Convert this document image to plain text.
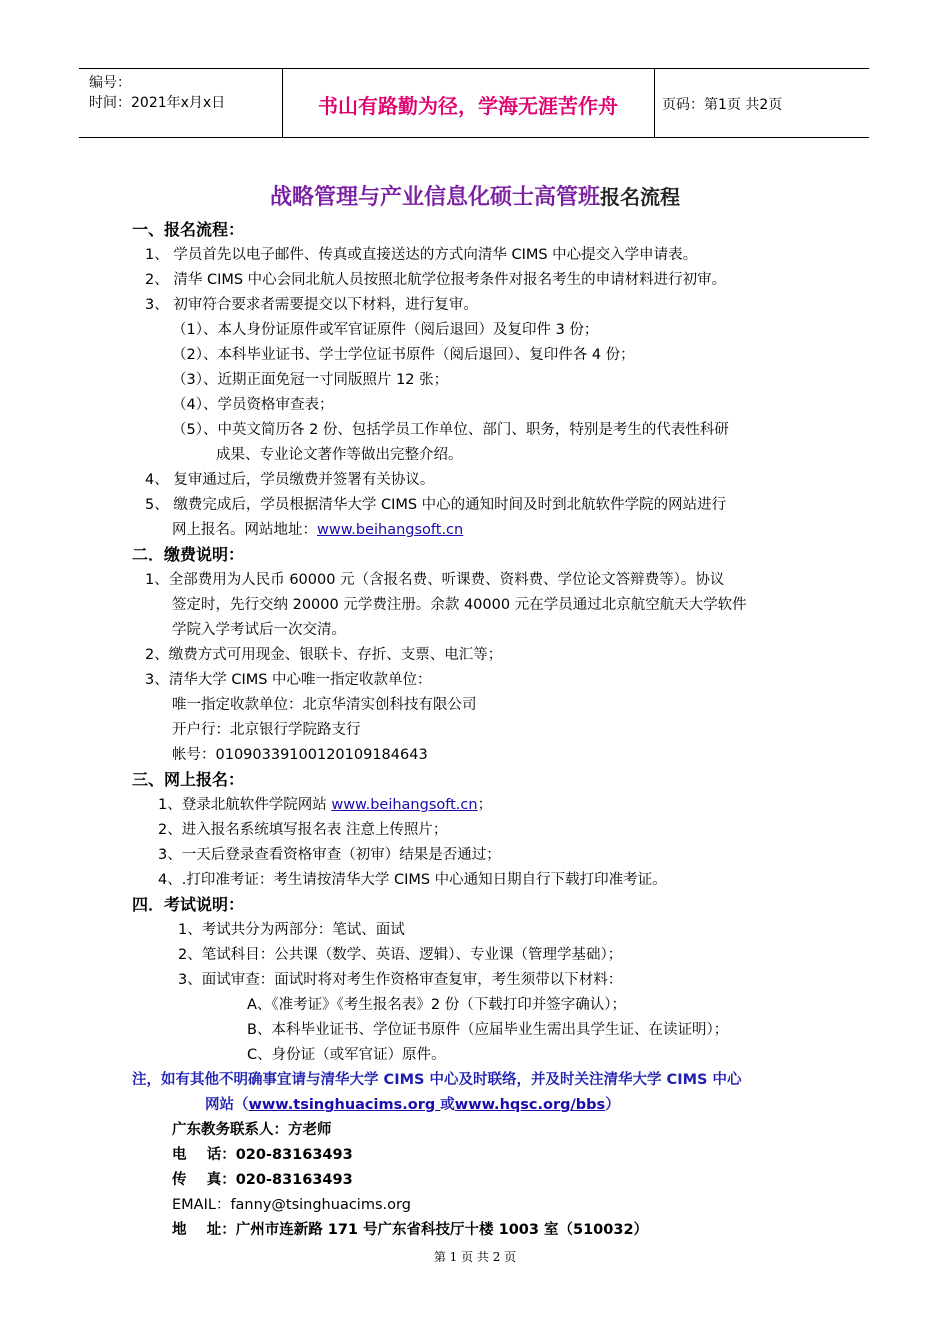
编号：
时间：2021年x月x日	书山有路勤为径，学海无涯苦作舟	页码：第1页 共2页
战略管理与产业信息化硕士高管班报名流程
一、报名流程：
1、 学员首先以电子邮件、传真或直接送达的方式向清华 CIMS 中心提交入学申请表。
2、 清华 CIMS 中心会同北航人员按照北航学位报考条件对报名考生的申请材料进行初审。
3、 初审符合要求者需要提交以下材料，进行复审。
（1）、本人身份证原件或军官证原件（阅后退回）及复印件 3 份；
（2）、本科毕业证书、学士学位证书原件（阅后退回）、复印件各 4 份；
（3）、近期正面免冠一寸同版照片 12 张；
（4）、学员资格审查表；
（5）、中英文简历各 2 份、包括学员工作单位、部门、职务，特别是考生的代表性科研
成果、专业论文著作等做出完整介绍。
4、 复审通过后，学员缴费并签署有关协议。
5、 缴费完成后，学员根据清华大学 CIMS 中心的通知时间及时到北航软件学院的网站进行
网上报名。网站地址：www.beihangsoft.cn
二．缴费说明：
1、全部费用为人民币 60000 元（含报名费、听课费、资料费、学位论文答辩费等）。协议
签定时，先行交纳 20000 元学费注册。余款 40000 元在学员通过北京航空航天大学软件
学院入学考试后一次交清。
2、缴费方式可用现金、银联卡、存折、支票、电汇等；
3、清华大学 CIMS 中心唯一指定收款单位：
唯一指定收款单位：北京华清实创科技有限公司
开户行：北京银行学院路支行
帐号：01090339100120109184643
三、网上报名：
1、登录北航软件学院网站 www.beihangsoft.cn；
2、进入报名系统填写报名表 注意上传照片；
3、一天后登录查看资格审查（初审）结果是否通过；
4、.打印准考证：考生请按清华大学 CIMS 中心通知日期自行下载打印准考证。
四．考试说明：
1、考试共分为两部分：笔试、面试
2、笔试科目：公共课（数学、英语、逻辑）、专业课（管理学基础）；
3、面试审查：面试时将对考生作资格审查复审，考生须带以下材料：
A、《准考证》《考生报名表》2 份（下载打印并签字确认）；
B、本科毕业证书、学位证书原件（应届毕业生需出具学生证、在读证明）；
C、身份证（或军官证）原件。
注，如有其他不明确事宜请与清华大学 CIMS 中心及时联络，并及时关注清华大学 CIMS 中心
网站（www.tsinghuacims.org 或www.hqsc.org/bbs）
广东教务联系人：方老师
电    话：020-83163493
传    真：020-83163493
EMAIL：fanny@tsinghuacims.org
地    址：广州市连新路 171 号广东省科技厅十楼 1003 室（510032）
第 1 页 共 2 页
